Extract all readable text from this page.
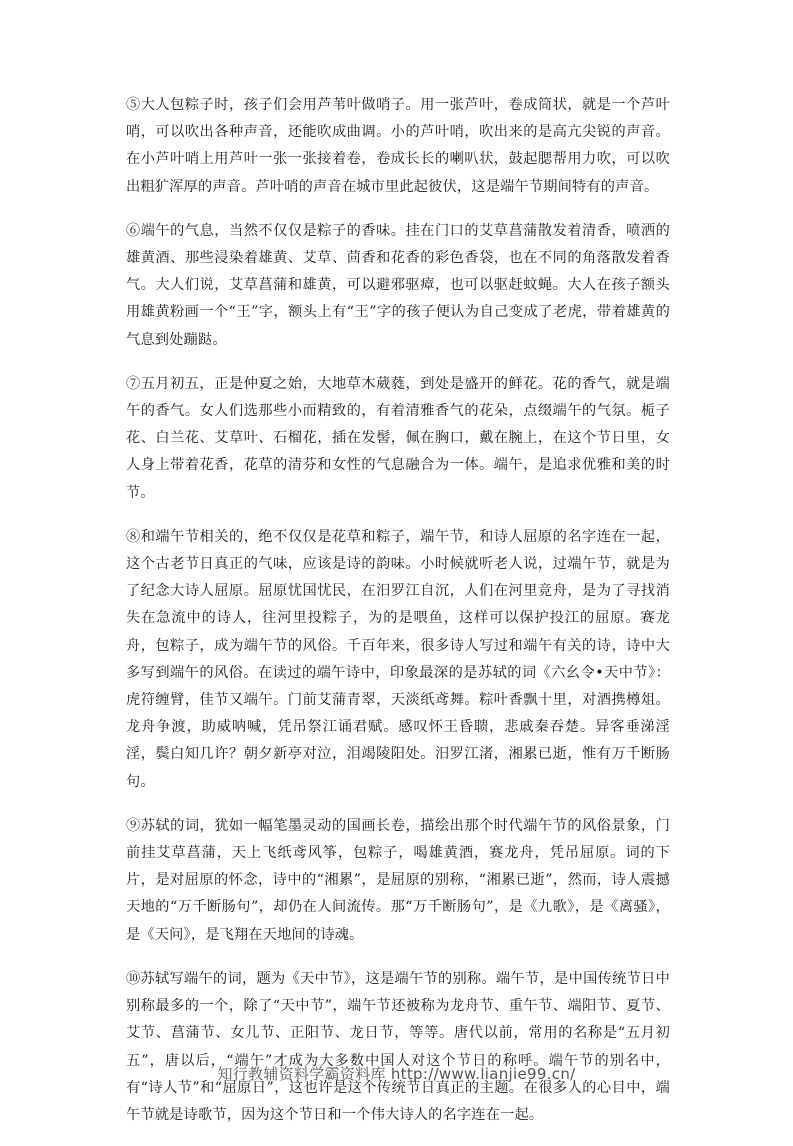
⑤大人包粽子时，孩子们会用芦苇叶做哨子。用一张芦叶，卷成筒状，就是一个芦叶哨，可以吹出各种声音，还能吹成曲调。小的芦叶哨，吹出来的是高亢尖锐的声音。在小芦叶哨上用芦叶一张一张接着卷，卷成长长的喇叭状，鼓起腮帮用力吹，可以吹出粗犷浑厚的声音。芦叶哨的声音在城市里此起彼伏，这是端午节期间特有的声音。

⑥端午的气息，当然不仅仅是粽子的香味。挂在门口的艾草菖蒲散发着清香，喷洒的雄黄酒、那些浸染着雄黄、艾草、茴香和花香的彩色香袋，也在不同的角落散发着香气。大人们说，艾草菖蒲和雄黄，可以避邪驱瘴，也可以驱赶蚊蝇。大人在孩子额头用雄黄粉画一个“王”字，额头上有“王”字的孩子便认为自己变成了老虎，带着雄黄的气息到处蹦跶。

⑦五月初五，正是仲夏之始，大地草木葳蕤，到处是盛开的鲜花。花的香气，就是端午的香气。女人们选那些小而精致的，有着清雅香气的花朵，点缀端午的气氛。栀子花、白兰花、艾草叶、石榴花，插在发髻，佩在胸口，戴在腕上，在这个节日里，女人身上带着花香，花草的清芬和女性的气息融合为一体。端午，是追求优雅和美的时节。

⑧和端午节相关的，绝不仅仅是花草和粽子，端午节，和诗人屈原的名字连在一起，这个古老节日真正的气味，应该是诗的韵味。小时候就听老人说，过端午节，就是为了纪念大诗人屈原。屈原忧国忧民，在汨罗江自沉，人们在河里竞舟，是为了寻找消失在急流中的诗人，往河里投粽子，为的是喂鱼，这样可以保护投江的屈原。赛龙舟，包粽子，成为端午节的风俗。千百年来，很多诗人写过和端午有关的诗，诗中大多写到端午的风俗。在读过的端午诗中，印象最深的是苏轼的词《六幺令•天中节》：虎符缠臂，佳节又端午。门前艾蒲青翠，天淡纸鸢舞。粽叶香飘十里，对酒携樽俎。龙舟争渡，助威呐喊，凭吊祭江诵君赋。感叹怀王昏聩，悲戚秦吞楚。异客垂涕淫淫，鬓白知几许？朝夕新亭对泣，泪竭陵阳处。汨罗江渚，湘累已逝，惟有万千断肠句。

⑨苏轼的词，犹如一幅笔墨灵动的国画长卷，描绘出那个时代端午节的风俗景象，门前挂艾草菖蒲，天上飞纸鸢风筝，包粽子，喝雄黄酒，赛龙舟，凭吊屈原。词的下片，是对屈原的怀念，诗中的“湘累”，是屈原的别称，“湘累已逝”，然而，诗人震撼天地的“万千断肠句”，却仍在人间流传。那“万千断肠句”，是《九歌》，是《离骚》，是《天问》，是飞翔在天地间的诗魂。

⑩苏轼写端午的词，题为《天中节》，这是端午节的别称。端午节，是中国传统节日中别称最多的一个，除了“天中节”，端午节还被称为龙舟节、重午节、端阳节、夏节、艾节、菖蒲节、女儿节、正阳节、龙日节，等等。唐代以前，常用的名称是“五月初五”，唐以后，“端午”才成为大多数中国人对这个节日的称呼。端午节的别名中，有“诗人节”和“屈原日”，这也许是这个传统节日真正的主题。在很多人的心目中，端午节就是诗歌节，因为这个节日和一个伟大诗人的名字连在一起。

知行教辅资料学霸资料库 http://www.lianjie99.cn/
